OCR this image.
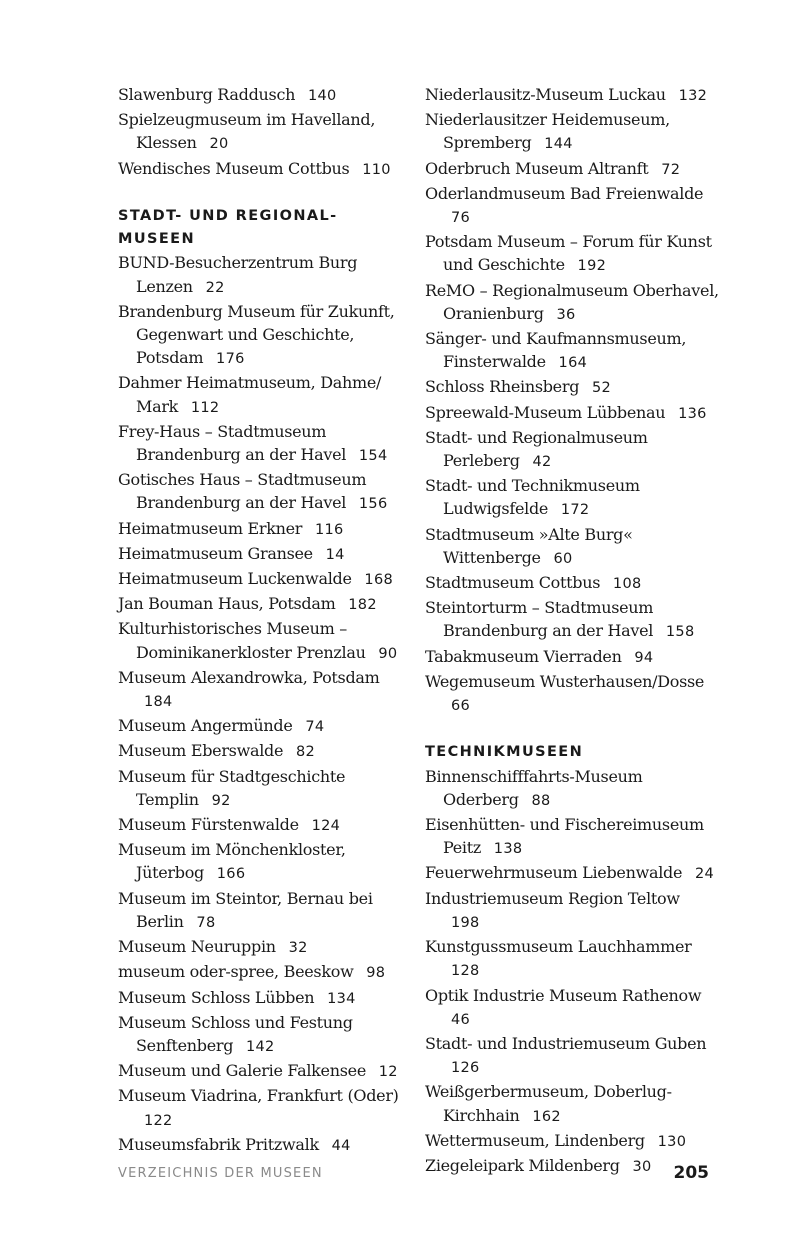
Slawenburg Raddusch 140
Spielzeugmuseum im Havelland, Klessen 20
Wendisches Museum Cottbus 110
STADT- UND REGIONAL-MUSEEN
BUND-Besucherzentrum Burg Lenzen 22
Brandenburg Museum für Zukunft, Gegenwart und Geschichte, Potsdam 176
Dahmer Heimatmuseum, Dahme/ Mark 112
Frey-Haus – Stadtmuseum Brandenburg an der Havel 154
Gotisches Haus – Stadtmuseum Brandenburg an der Havel 156
Heimatmuseum Erkner 116
Heimatmuseum Gransee 14
Heimatmuseum Luckenwalde 168
Jan Bouman Haus, Potsdam 182
Kulturhistorisches Museum – Dominikanerkloster Prenzlau 90
Museum Alexandrowka, Potsdam 184
Museum Angermünde 74
Museum Eberswalde 82
Museum für Stadtgeschichte Templin 92
Museum Fürstenwalde 124
Museum im Mönchenkloster, Jüterbog 166
Museum im Steintor, Bernau bei Berlin 78
Museum Neuruppin 32
museum oder-spree, Beeskow 98
Museum Schloss Lübben 134
Museum Schloss und Festung Senftenberg 142
Museum und Galerie Falkensee 12
Museum Viadrina, Frankfurt (Oder) 122
Museumsfabrik Pritzwalk 44
Niederlausitz-Museum Luckau 132
Niederlausitzer Heidemuseum, Spremberg 144
Oderbruch Museum Altranft 72
Oderlandmuseum Bad Freienwalde 76
Potsdam Museum – Forum für Kunst und Geschichte 192
ReMO – Regionalmuseum Oberhavel, Oranienburg 36
Sänger- und Kaufmannsmuseum, Finsterwalde 164
Schloss Rheinsberg 52
Spreewald-Museum Lübbenau 136
Stadt- und Regionalmuseum Perleberg 42
Stadt- und Technikmuseum Ludwigsfelde 172
Stadtmuseum »Alte Burg« Wittenberge 60
Stadtmuseum Cottbus 108
Steintorturm – Stadtmuseum Brandenburg an der Havel 158
Tabakmuseum Vierraden 94
Wegemuseum Wusterhausen/Dosse 66
TECHNIKMUSEEN
Binnenschifffahrts-Museum Oderberg 88
Eisenhütten- und Fischereimuseum Peitz 138
Feuerwehrmuseum Liebenwalde 24
Industriemuseum Region Teltow 198
Kunstgussmuseum Lauchhammer 128
Optik Industrie Museum Rathenow 46
Stadt- und Industriemuseum Guben 126
Weißgerbermuseum, Doberlug-Kirchhain 162
Wettermuseum, Lindenberg 130
Ziegeleipark Mildenberg 30
VERZEICHNIS DER MUSEEN	205
